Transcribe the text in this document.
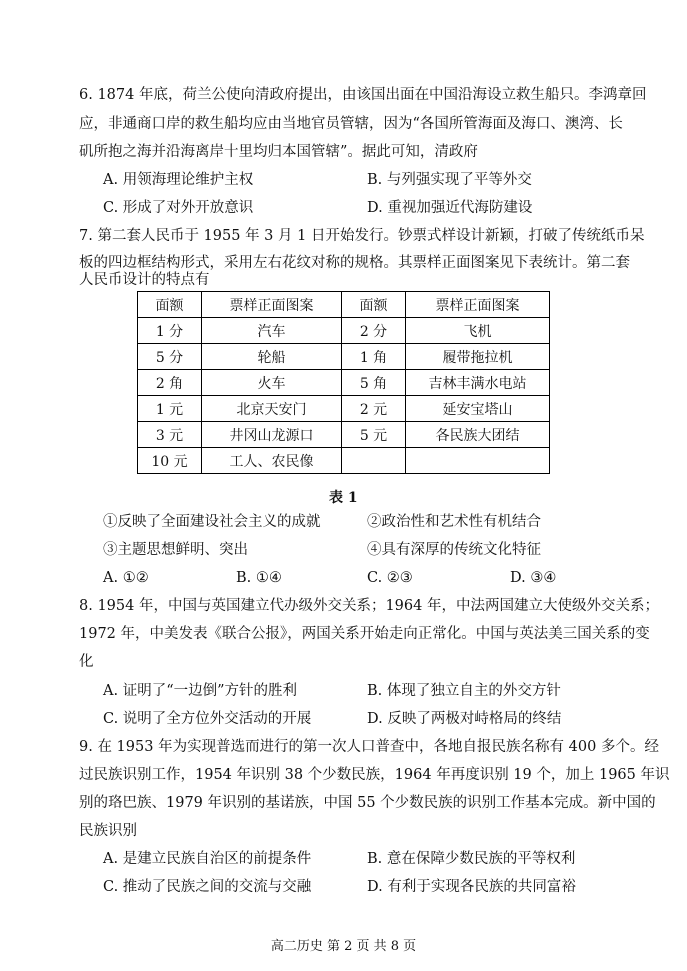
6. 1874 年底，荷兰公使向清政府提出，由该国出面在中国沿海设立救生船只。李鸿章回
应，非通商口岸的救生船均应由当地官员管辖，因为“各国所管海面及海口、澳湾、长
矶所抱之海并沿海离岸十里均归本国管辖”。据此可知，清政府
A. 用领海理论维护主权	B. 与列强实现了平等外交
C. 形成了对外开放意识	D. 重视加强近代海防建设
7. 第二套人民币于 1955 年 3 月 1 日开始发行。钞票式样设计新颖，打破了传统纸币呆
板的四边框结构形式，采用左右花纹对称的规格。其票样正面图案见下表统计。第二套
人民币设计的特点有
面额	票样正面图案	面额	票样正面图案
1 分	汽车	2 分	飞机
5 分	轮船	1 角	履带拖拉机
2 角	火车	5 角	吉林丰满水电站
1 元	北京天安门	2 元	延安宝塔山
3 元	井冈山龙源口	5 元	各民族大团结
10 元	工人、农民像		
表 1
①反映了全面建设社会主义的成就	②政治性和艺术性有机结合
③主题思想鲜明、突出	④具有深厚的传统文化特征
A. ①②	B. ①④	C. ②③	D. ③④
8. 1954 年，中国与英国建立代办级外交关系；1964 年，中法两国建立大使级外交关系；
1972 年，中美发表《联合公报》，两国关系开始走向正常化。中国与英法美三国关系的变
化
A. 证明了“一边倒”方针的胜利	B. 体现了独立自主的外交方针
C. 说明了全方位外交活动的开展	D. 反映了两极对峙格局的终结
9. 在 1953 年为实现普选而进行的第一次人口普查中，各地自报民族名称有 400 多个。经
过民族识别工作，1954 年识别 38 个少数民族，1964 年再度识别 19 个，加上 1965 年识
别的珞巴族、1979 年识别的基诺族，中国 55 个少数民族的识别工作基本完成。新中国的
民族识别
A. 是建立民族自治区的前提条件	B. 意在保障少数民族的平等权利
C. 推动了民族之间的交流与交融	D. 有利于实现各民族的共同富裕
高二历史 第 2 页 共 8 页
